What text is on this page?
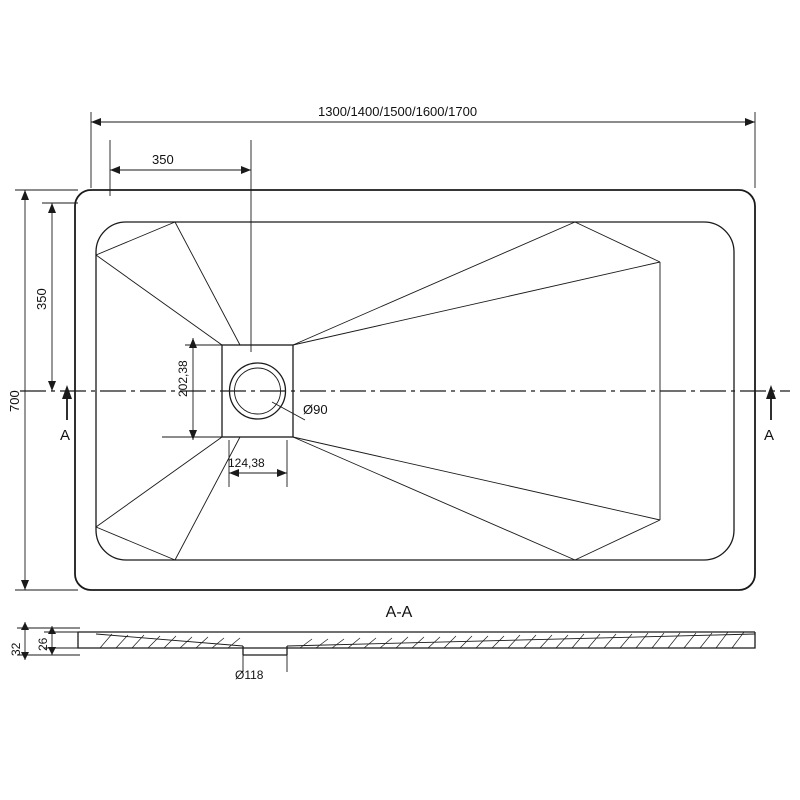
A	A
1300/1400/1500/1600/1700
350
350
700
202,38
124,38
Ø90
A-A
26
32
Ø118
